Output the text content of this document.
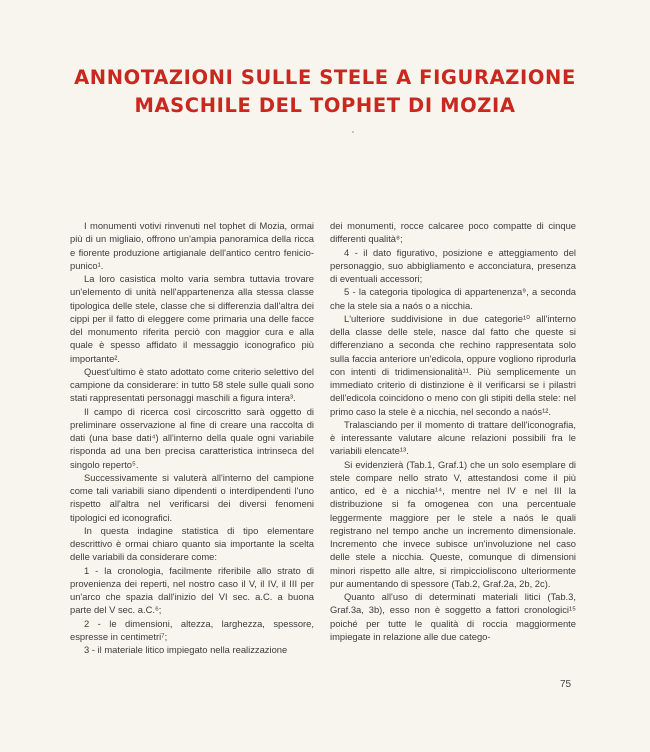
ANNOTAZIONI SULLE STELE A FIGURAZIONE
MASCHILE DEL TOPHET DI MOZIA

I monumenti votivi rinvenuti nel tophet di Mozia, ormai più di un migliaio, offrono un'ampia panoramica della ricca e fiorente produzione artigianale dell'antico centro fenicio-punico¹.

La loro casistica molto varia sembra tuttavia trovare un'elemento di unità nell'appartenenza alla stessa classe tipologica delle stele, classe che si differenzia dall'altra dei cippi per il fatto di eleggere come primaria una delle facce del monumento riferita perciò con maggior cura e alla quale è spesso affidato il messaggio iconografico più importante².

Quest'ultimo è stato adottato come criterio selettivo del campione da considerare: in tutto 58 stele sulle quali sono stati rappresentati personaggi maschili a figura intera³.

Il campo di ricerca così circoscritto sarà oggetto di preliminare osservazione al fine di creare una raccolta di dati (una base dati⁴) all'interno della quale ogni variabile risponda ad una ben precisa caratteristica intrinseca del singolo reperto⁵.

Successivamente si valuterà all'interno del campione come tali variabili siano dipendenti o interdipendenti l'uno rispetto all'altra nel verificarsi dei diversi fenomeni tipologici ed iconografici.

In questa indagine statistica di tipo elementare descrittivo è ormai chiaro quanto sia importante la scelta delle variabili da considerare come:

1 - la cronologia, facilmente riferibile allo strato di provenienza dei reperti, nel nostro caso il V, il IV, il III per un'arco che spazia dall'inizio del VI sec. a.C. a buona parte del V sec. a.C.⁶;

2 - le dimensioni, altezza, larghezza, spessore, espresse in centimetri⁷;

3 - il materiale litico impiegato nella realizzazione

dei monumenti, rocce calcaree poco compatte di cinque differenti qualità⁸;

4 - il dato figurativo, posizione e atteggiamento del personaggio, suo abbigliamento e acconciatura, presenza di eventuali accessori;

5 - la categoria tipologica di appartenenza⁹, a seconda che la stele sia a naós o a nicchia.

L'ulteriore suddivisione in due categorie¹⁰ all'interno della classe delle stele, nasce dal fatto che queste si differenziano a seconda che rechino rappresentata solo sulla faccia anteriore un'edicola, oppure vogliono riprodurla con intenti di tridimensionalità¹¹. Più semplicemente un immediato criterio di distinzione è il verificarsi se i pilastri dell'edicola coincidono o meno con gli stipiti della stele: nel primo caso la stele è a nicchia, nel secondo a naós¹².

Tralasciando per il momento di trattare dell'iconografia, è interessante valutare alcune relazioni possibili fra le variabili elencate¹³.

Si evidenzierà (Tab.1, Graf.1) che un solo esemplare di stele compare nello strato V, attestandosi come il più antico, ed è a nicchia¹⁴, mentre nel IV e nel III la distribuzione si fa omogenea con una percentuale leggermente maggiore per le stele a naós le quali registrano nel tempo anche un incremento dimensionale. Incremento che invece subisce un'involuzione nel caso delle stele a nicchia. Queste, comunque di dimensioni minori rispetto alle altre, si rimpiccioliscono ulteriormente pur aumentando di spessore (Tab.2, Graf.2a, 2b, 2c).

Quanto all'uso di determinati materiali litici (Tab.3, Graf.3a, 3b), esso non è soggetto a fattori cronologici¹⁵ poiché per tutte le qualità di roccia maggiormente impiegate in relazione alle due catego-

75
